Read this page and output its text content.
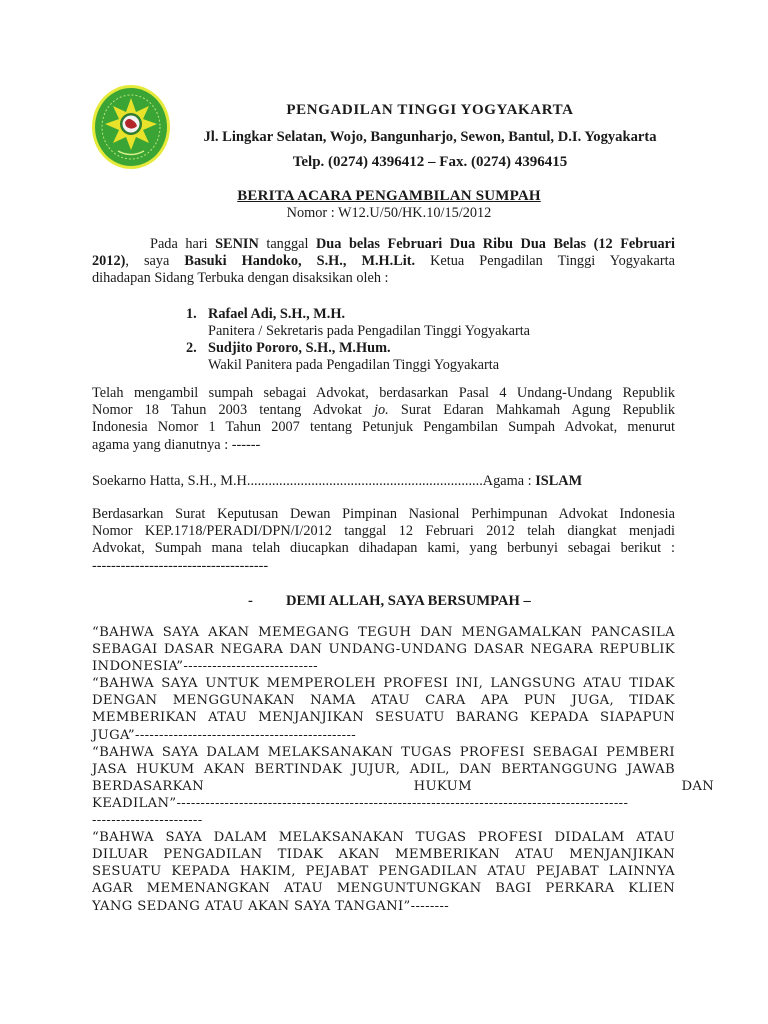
PENGADILAN TINGGI YOGYAKARTA
Jl. Lingkar Selatan, Wojo, Bangunharjo, Sewon, Bantul, D.I. Yogyakarta
Telp. (0274) 4396412 – Fax. (0274) 4396415
BERITA ACARA PENGAMBILAN SUMPAH
Nomor : W12.U/50/HK.10/15/2012
Pada hari SENIN tanggal Dua belas Februari Dua Ribu Dua Belas (12 Februari
2012), saya Basuki Handoko, S.H., M.H.Lit. Ketua Pengadilan Tinggi Yogyakarta
dihadapan Sidang Terbuka dengan disaksikan oleh :
1. Rafael Adi, S.H., M.H.
Panitera / Sekretaris pada Pengadilan Tinggi Yogyakarta
2. Sudjito Pororo, S.H., M.Hum.
Wakil Panitera pada Pengadilan Tinggi Yogyakarta
Telah mengambil sumpah sebagai Advokat, berdasarkan Pasal 4 Undang-Undang Republik
Nomor 18 Tahun 2003 tentang Advokat jo. Surat Edaran Mahkamah Agung Republik
Indonesia Nomor 1 Tahun 2007 tentang Petunjuk Pengambilan Sumpah Advokat, menurut
agama yang dianutnya : ------
Soekarno Hatta, S.H., M.H..................................................................Agama : ISLAM
Berdasarkan Surat Keputusan Dewan Pimpinan Nasional Perhimpunan Advokat Indonesia
Nomor KEP.1718/PERADI/DPN/I/2012 tanggal 12 Februari 2012 telah diangkat menjadi
Advokat, Sumpah mana telah diucapkan dihadapan kami, yang berbunyi sebagai berikut :
-------------------------------------
- DEMI ALLAH, SAYA BERSUMPAH –
“BAHWA SAYA AKAN MEMEGANG TEGUH DAN MENGAMALKAN PANCASILA
SEBAGAI DASAR NEGARA DAN UNDANG-UNDANG DASAR NEGARA REPUBLIK
INDONESIA”----------------------------
“BAHWA SAYA UNTUK MEMPEROLEH PROFESI INI, LANGSUNG ATAU TIDAK
DENGAN MENGGUNAKAN NAMA ATAU CARA APA PUN JUGA, TIDAK
MEMBERIKAN ATAU MENJANJIKAN SESUATU BARANG KEPADA SIAPAPUN
JUGA”----------------------------------------------
“BAHWA SAYA DALAM MELAKSANAKAN TUGAS PROFESI SEBAGAI PEMBERI
JASA HUKUM AKAN BERTINDAK JUJUR, ADIL, DAN BERTANGGUNG JAWAB
BERDASARKAN HUKUM DAN
KEADILAN”----------------------------------------------------------------------------------------------
-----------------------
“BAHWA SAYA DALAM MELAKSANAKAN TUGAS PROFESI DIDALAM ATAU
DILUAR PENGADILAN TIDAK AKAN MEMBERIKAN ATAU MENJANJIKAN
SESUATU KEPADA HAKIM, PEJABAT PENGADILAN ATAU PEJABAT LAINNYA
AGAR MEMENANGKAN ATAU MENGUNTUNGKAN BAGI PERKARA KLIEN
YANG SEDANG ATAU AKAN SAYA TANGANI”--------
